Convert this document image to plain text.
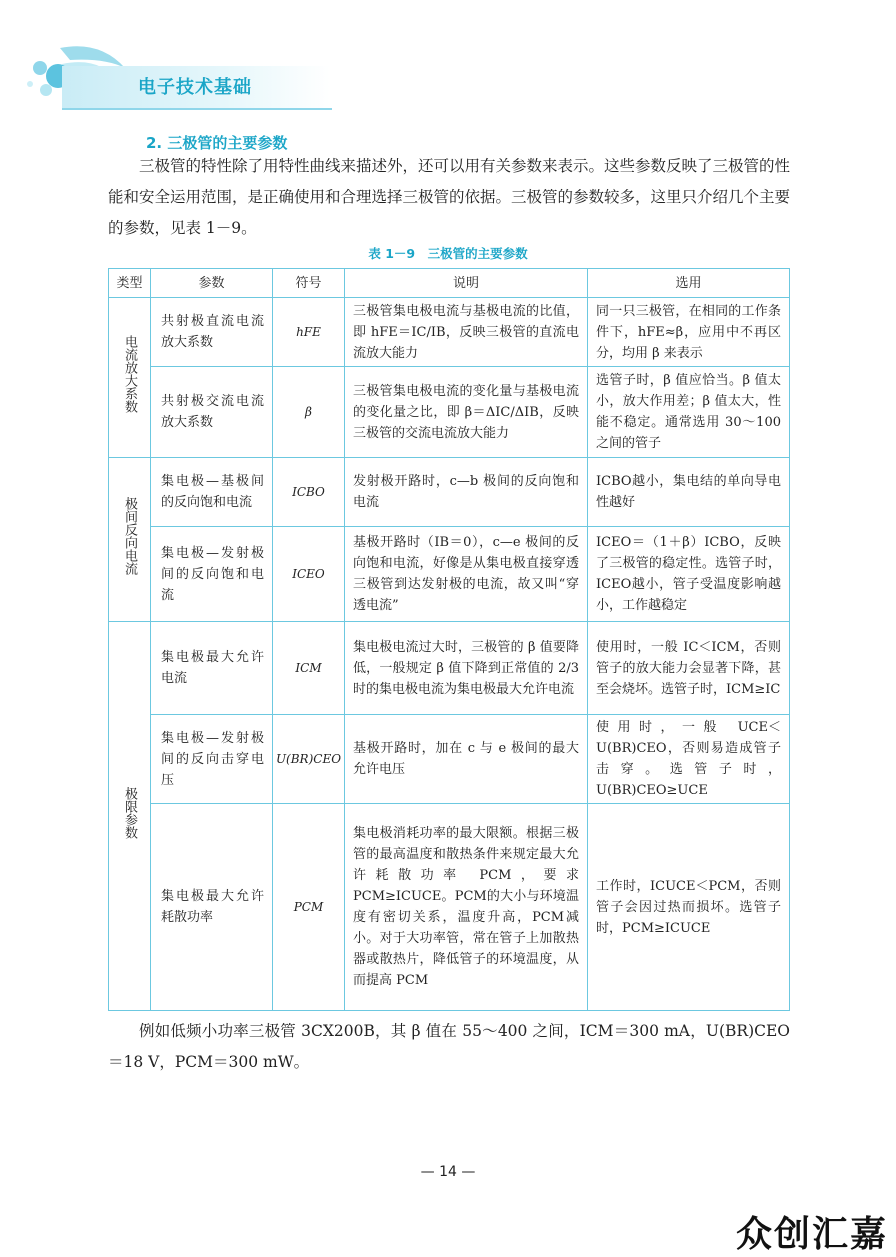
电子技术基础
2. 三极管的主要参数

三极管的特性除了用特性曲线来描述外，还可以用有关参数来表示。这些参数反映了三极管的性能和安全运用范围，是正确使用和合理选择三极管的依据。三极管的参数较多，这里只介绍几个主要的参数，见表 1－9。

表 1－9　三极管的主要参数
类型	参数	符号	说明	选用
电流放大系数	共射极直流电流放大系数	hFE	三极管集电极电流与基极电流的比值，即 hFE＝IC/IB，反映三极管的直流电流放大能力	同一只三极管，在相同的工作条件下，hFE≈β，应用中不再区分，均用 β 来表示
	共射极交流电流放大系数	β	三极管集电极电流的变化量与基极电流的变化量之比，即 β＝ΔIC/ΔIB，反映三极管的交流电流放大能力	选管子时，β 值应恰当。β 值太小，放大作用差；β 值太大，性能不稳定。通常选用 30～100 之间的管子
极间反向电流	集电极—基极间的反向饱和电流	ICBO	发射极开路时，c—b 极间的反向饱和电流	ICBO越小，集电结的单向导电性越好
	集电极—发射极间的反向饱和电流	ICEO	基极开路时（IB＝0），c—e 极间的反向饱和电流，好像是从集电极直接穿透三极管到达发射极的电流，故又叫“穿透电流”	ICEO＝（1＋β）ICBO，反映了三极管的稳定性。选管子时，ICEO越小，管子受温度影响越小，工作越稳定
极限参数	集电极最大允许电流	ICM	集电极电流过大时，三极管的 β 值要降低，一般规定 β 值下降到正常值的 2/3 时的集电极电流为集电极最大允许电流	使用时，一般 IC＜ICM，否则管子的放大能力会显著下降，甚至会烧坏。选管子时，ICM≥IC
	集电极—发射极间的反向击穿电压	U(BR)CEO	基极开路时，加在 c 与 e 极间的最大允许电压	使用时，一般 UCE＜U(BR)CEO，否则易造成管子击穿。选管子时，U(BR)CEO≥UCE
	集电极最大允许耗散功率	PCM	集电极消耗功率的最大限额。根据三极管的最高温度和散热条件来规定最大允许耗散功率 PCM，要求 PCM≥ICUCE。PCM的大小与环境温度有密切关系，温度升高，PCM减小。对于大功率管，常在管子上加散热器或散热片，降低管子的环境温度，从而提高 PCM	工作时，ICUCE＜PCM，否则管子会因过热而损坏。选管子时，PCM≥ICUCE

例如低频小功率三极管 3CX200B，其 β 值在 55～400 之间，ICM＝300 mA，U(BR)CEO＝18 V，PCM＝300 mW。

— 14 —
众创汇嘉
